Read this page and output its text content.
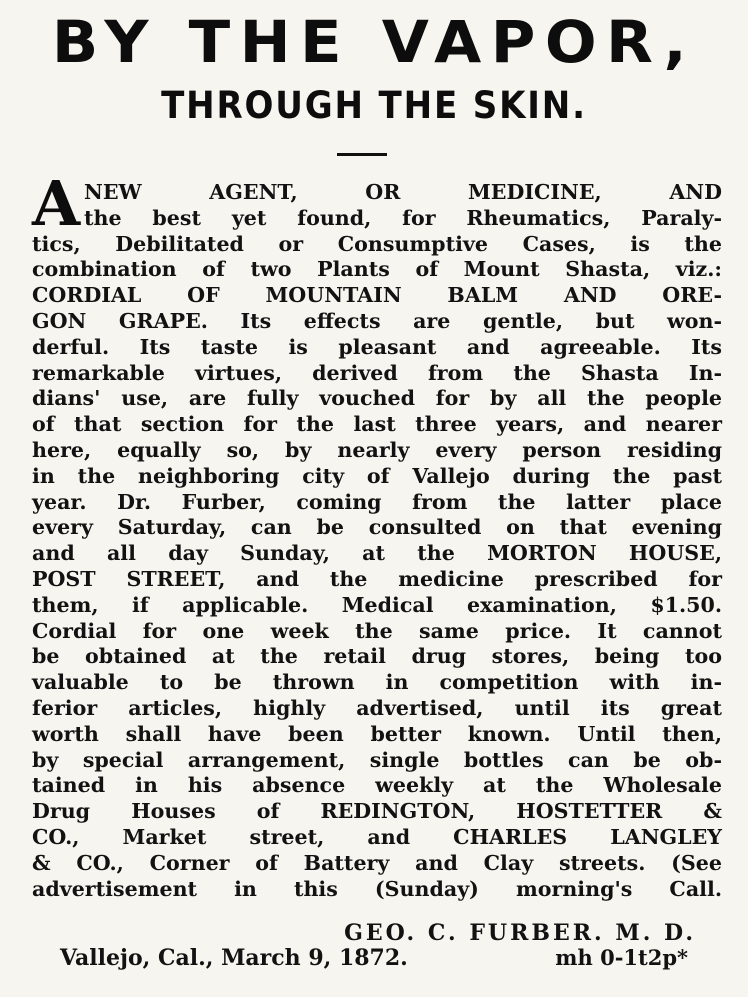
BY THE VAPOR,
THROUGH THE SKIN.
A NEW AGENT, OR MEDICINE, AND
the best yet found, for Rheumatics, Paraly-
tics, Debilitated or Consumptive Cases, is the
combination of two Plants of Mount Shasta, viz.:
CORDIAL OF MOUNTAIN BALM AND ORE-
GON GRAPE. Its effects are gentle, but won-
derful. Its taste is pleasant and agreeable. Its
remarkable virtues, derived from the Shasta In-
dians' use, are fully vouched for by all the people
of that section for the last three years, and nearer
here, equally so, by nearly every person residing
in the neighboring city of Vallejo during the past
year. Dr. Furber, coming from the latter place
every Saturday, can be consulted on that evening
and all day Sunday, at the MORTON HOUSE,
POST STREET, and the medicine prescribed for
them, if applicable. Medical examination, $1.50.
Cordial for one week the same price. It cannot
be obtained at the retail drug stores, being too
valuable to be thrown in competition with in-
ferior articles, highly advertised, until its great
worth shall have been better known. Until then,
by special arrangement, single bottles can be ob-
tained in his absence weekly at the Wholesale
Drug Houses of REDINGTON, HOSTETTER &
CO., Market street, and CHARLES LANGLEY
& CO., Corner of Battery and Clay streets. (See
advertisement in this (Sunday) morning's Call.
GEO. C. FURBER. M. D.
Vallejo, Cal., March 9, 1872.	mh 0-1t2p*
